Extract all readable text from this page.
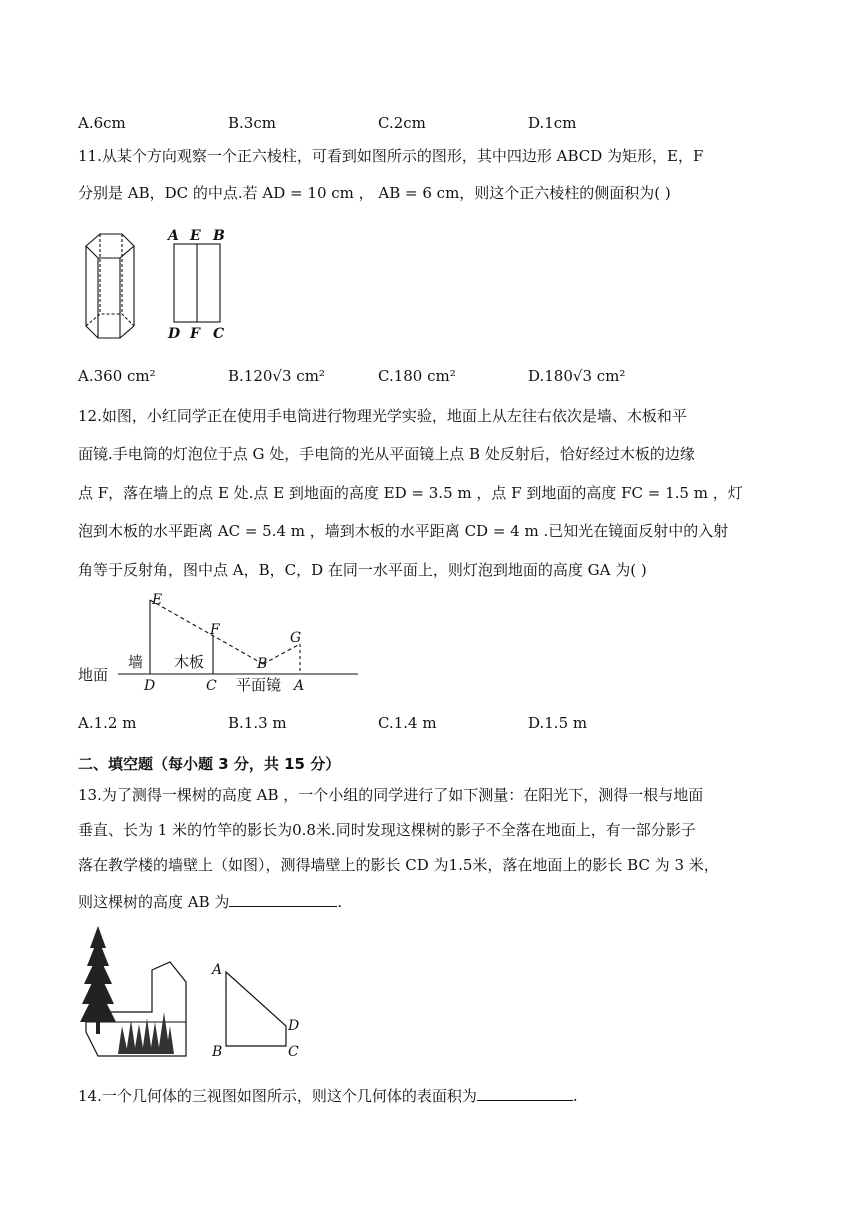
A.6cm	B.3cm	C.2cm	D.1cm
11.从某个方向观察一个正六棱柱，可看到如图所示的图形，其中四边形 ABCD 为矩形，E，F
分别是 AB，DC 的中点.若 AD = 10 cm ， AB = 6 cm，则这个正六棱柱的侧面积为( )
A E B
D F C
A.360 cm²	B.120√3 cm²	C.180 cm²	D.180√3 cm²
12.如图，小红同学正在使用手电筒进行物理光学实验，地面上从左往右依次是墙、木板和平
面镜.手电筒的灯泡位于点 G 处，手电筒的光从平面镜上点 B 处反射后，恰好经过木板的边缘
点 F，落在墙上的点 E 处.点 E 到地面的高度 ED = 3.5 m ，点 F 到地面的高度 FC = 1.5 m ，灯
泡到木板的水平距离 AC = 5.4 m ，墙到木板的水平距离 CD = 4 m .已知光在镜面反射中的入射
角等于反射角，图中点 A，B，C，D 在同一水平面上，则灯泡到地面的高度 GA 为( )
E
F	G
B
D	C	A
地面
墙 木板
平面镜
A.1.2 m	B.1.3 m	C.1.4 m	D.1.5 m
二、填空题（每小题 3 分，共 15 分）
13.为了测得一棵树的高度 AB ，一个小组的同学进行了如下测量：在阳光下，测得一根与地面
垂直、长为 1 米的竹竿的影长为0.8米.同时发现这棵树的影子不全落在地面上，有一部分影子
落在教学楼的墙壁上（如图），测得墙壁上的影长 CD 为1.5米，落在地面上的影长 BC 为 3 米，
则这棵树的高度 AB 为	.
A
B	C
D
14.一个几何体的三视图如图所示，则这个几何体的表面积为	.
